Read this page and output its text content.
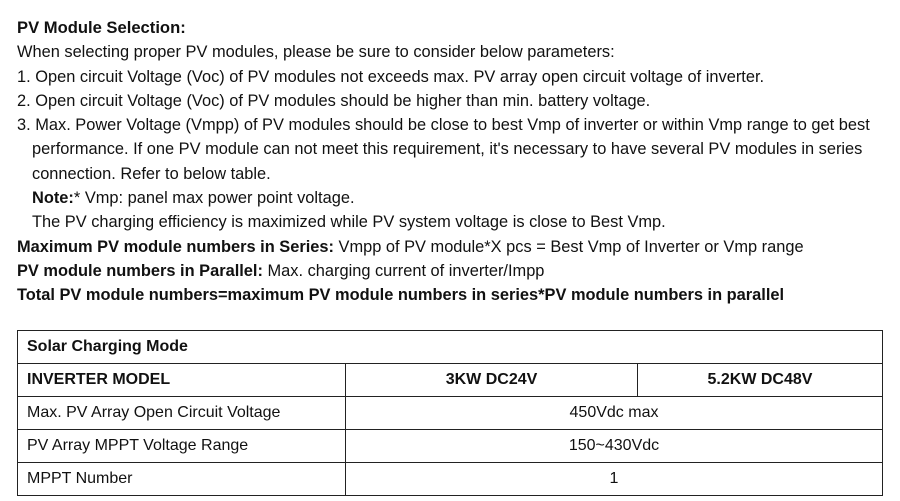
PV Module Selection:
When selecting proper PV modules, please be sure to consider below parameters:
1. Open circuit Voltage (Voc) of PV modules not exceeds max. PV array open circuit voltage of inverter.
2. Open circuit Voltage (Voc) of PV modules should be higher than min. battery voltage.
3. Max. Power Voltage (Vmpp) of PV modules should be close to best Vmp of inverter or within Vmp range to get best
performance. If one PV module can not meet this requirement, it's necessary to have several PV modules in series
connection. Refer to below table.
Note:* Vmp: panel max power point voltage.
The PV charging efficiency is maximized while PV system voltage is close to Best Vmp.
Maximum PV module numbers in Series: Vmpp of PV module*X pcs = Best Vmp of Inverter or Vmp range
PV module numbers in Parallel: Max. charging current of inverter/Impp
Total PV module numbers=maximum PV module numbers in series*PV module numbers in parallel
Solar Charging Mode		
INVERTER MODEL	3KW DC24V	5.2KW DC48V
Max. PV Array Open Circuit Voltage	450Vdc max	
PV Array MPPT Voltage Range	150~430Vdc	
MPPT Number	1	
